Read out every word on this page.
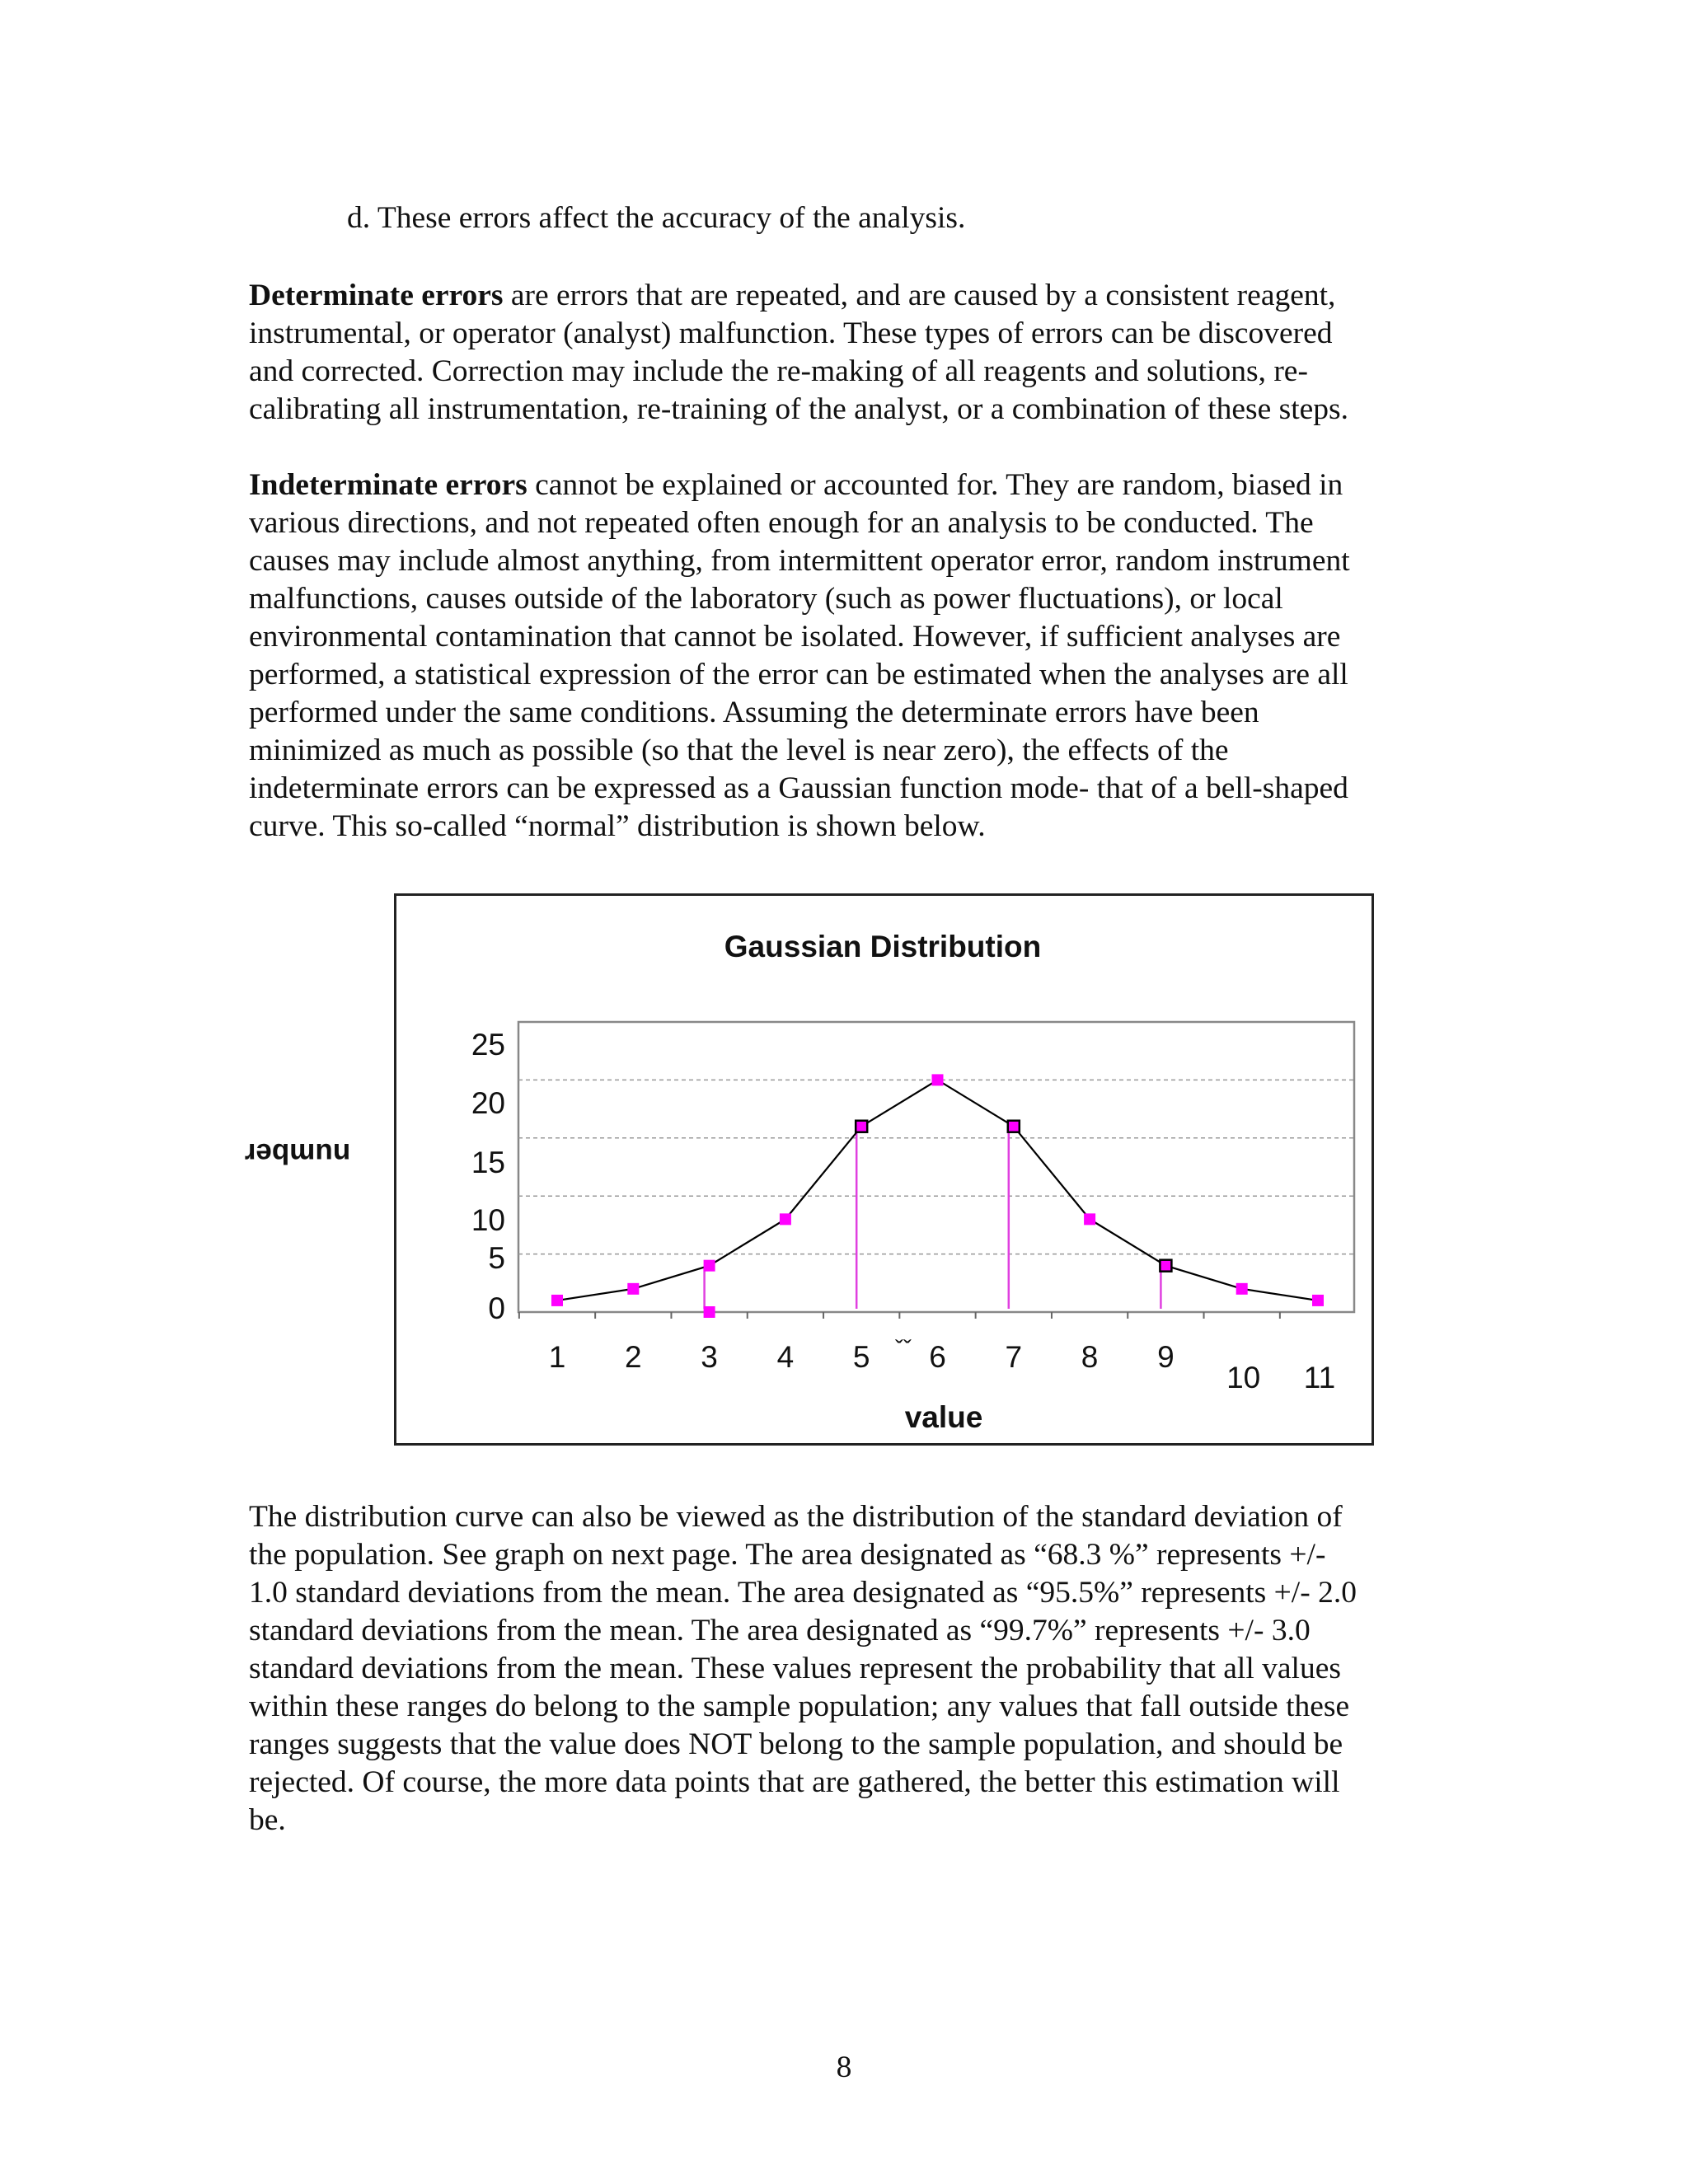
d. These errors affect the accuracy of the analysis.

Determinate errors are errors that are repeated, and are caused by a consistent reagent,
instrumental, or operator (analyst) malfunction. These types of errors can be discovered
and corrected. Correction may include the re-making of all reagents and solutions, re-
calibrating all instrumentation, re-training of the analyst, or a combination of these steps.

Indeterminate errors cannot be explained or accounted for. They are random, biased in
various directions, and not repeated often enough for an analysis to be conducted. The
causes may include almost anything, from intermittent operator error, random instrument
malfunctions, causes outside of the laboratory (such as power fluctuations), or local
environmental contamination that cannot be isolated. However, if sufficient analyses are
performed, a statistical expression of the error can be estimated when the analyses are all
performed under the same conditions. Assuming the determinate errors have been
minimized as much as possible (so that the level is near zero), the effects of the
indeterminate errors can be expressed as a Gaussian function mode- that of a bell-shaped
curve. This so-called “normal” distribution is shown below.

Gaussian Distribution
value
0
5
10
15
20
25
1 2 3 4 5 6 7 8 9
10 11
ˇˇ
number

The distribution curve can also be viewed as the distribution of the standard deviation of
the population. See graph on next page. The area designated as “68.3 %” represents +/-
1.0 standard deviations from the mean. The area designated as “95.5%” represents +/- 2.0
standard deviations from the mean. The area designated as “99.7%” represents +/- 3.0
standard deviations from the mean. These values represent the probability that all values
within these ranges do belong to the sample population; any values that fall outside these
ranges suggests that the value does NOT belong to the sample population, and should be
rejected. Of course, the more data points that are gathered, the better this estimation will
be.

8
